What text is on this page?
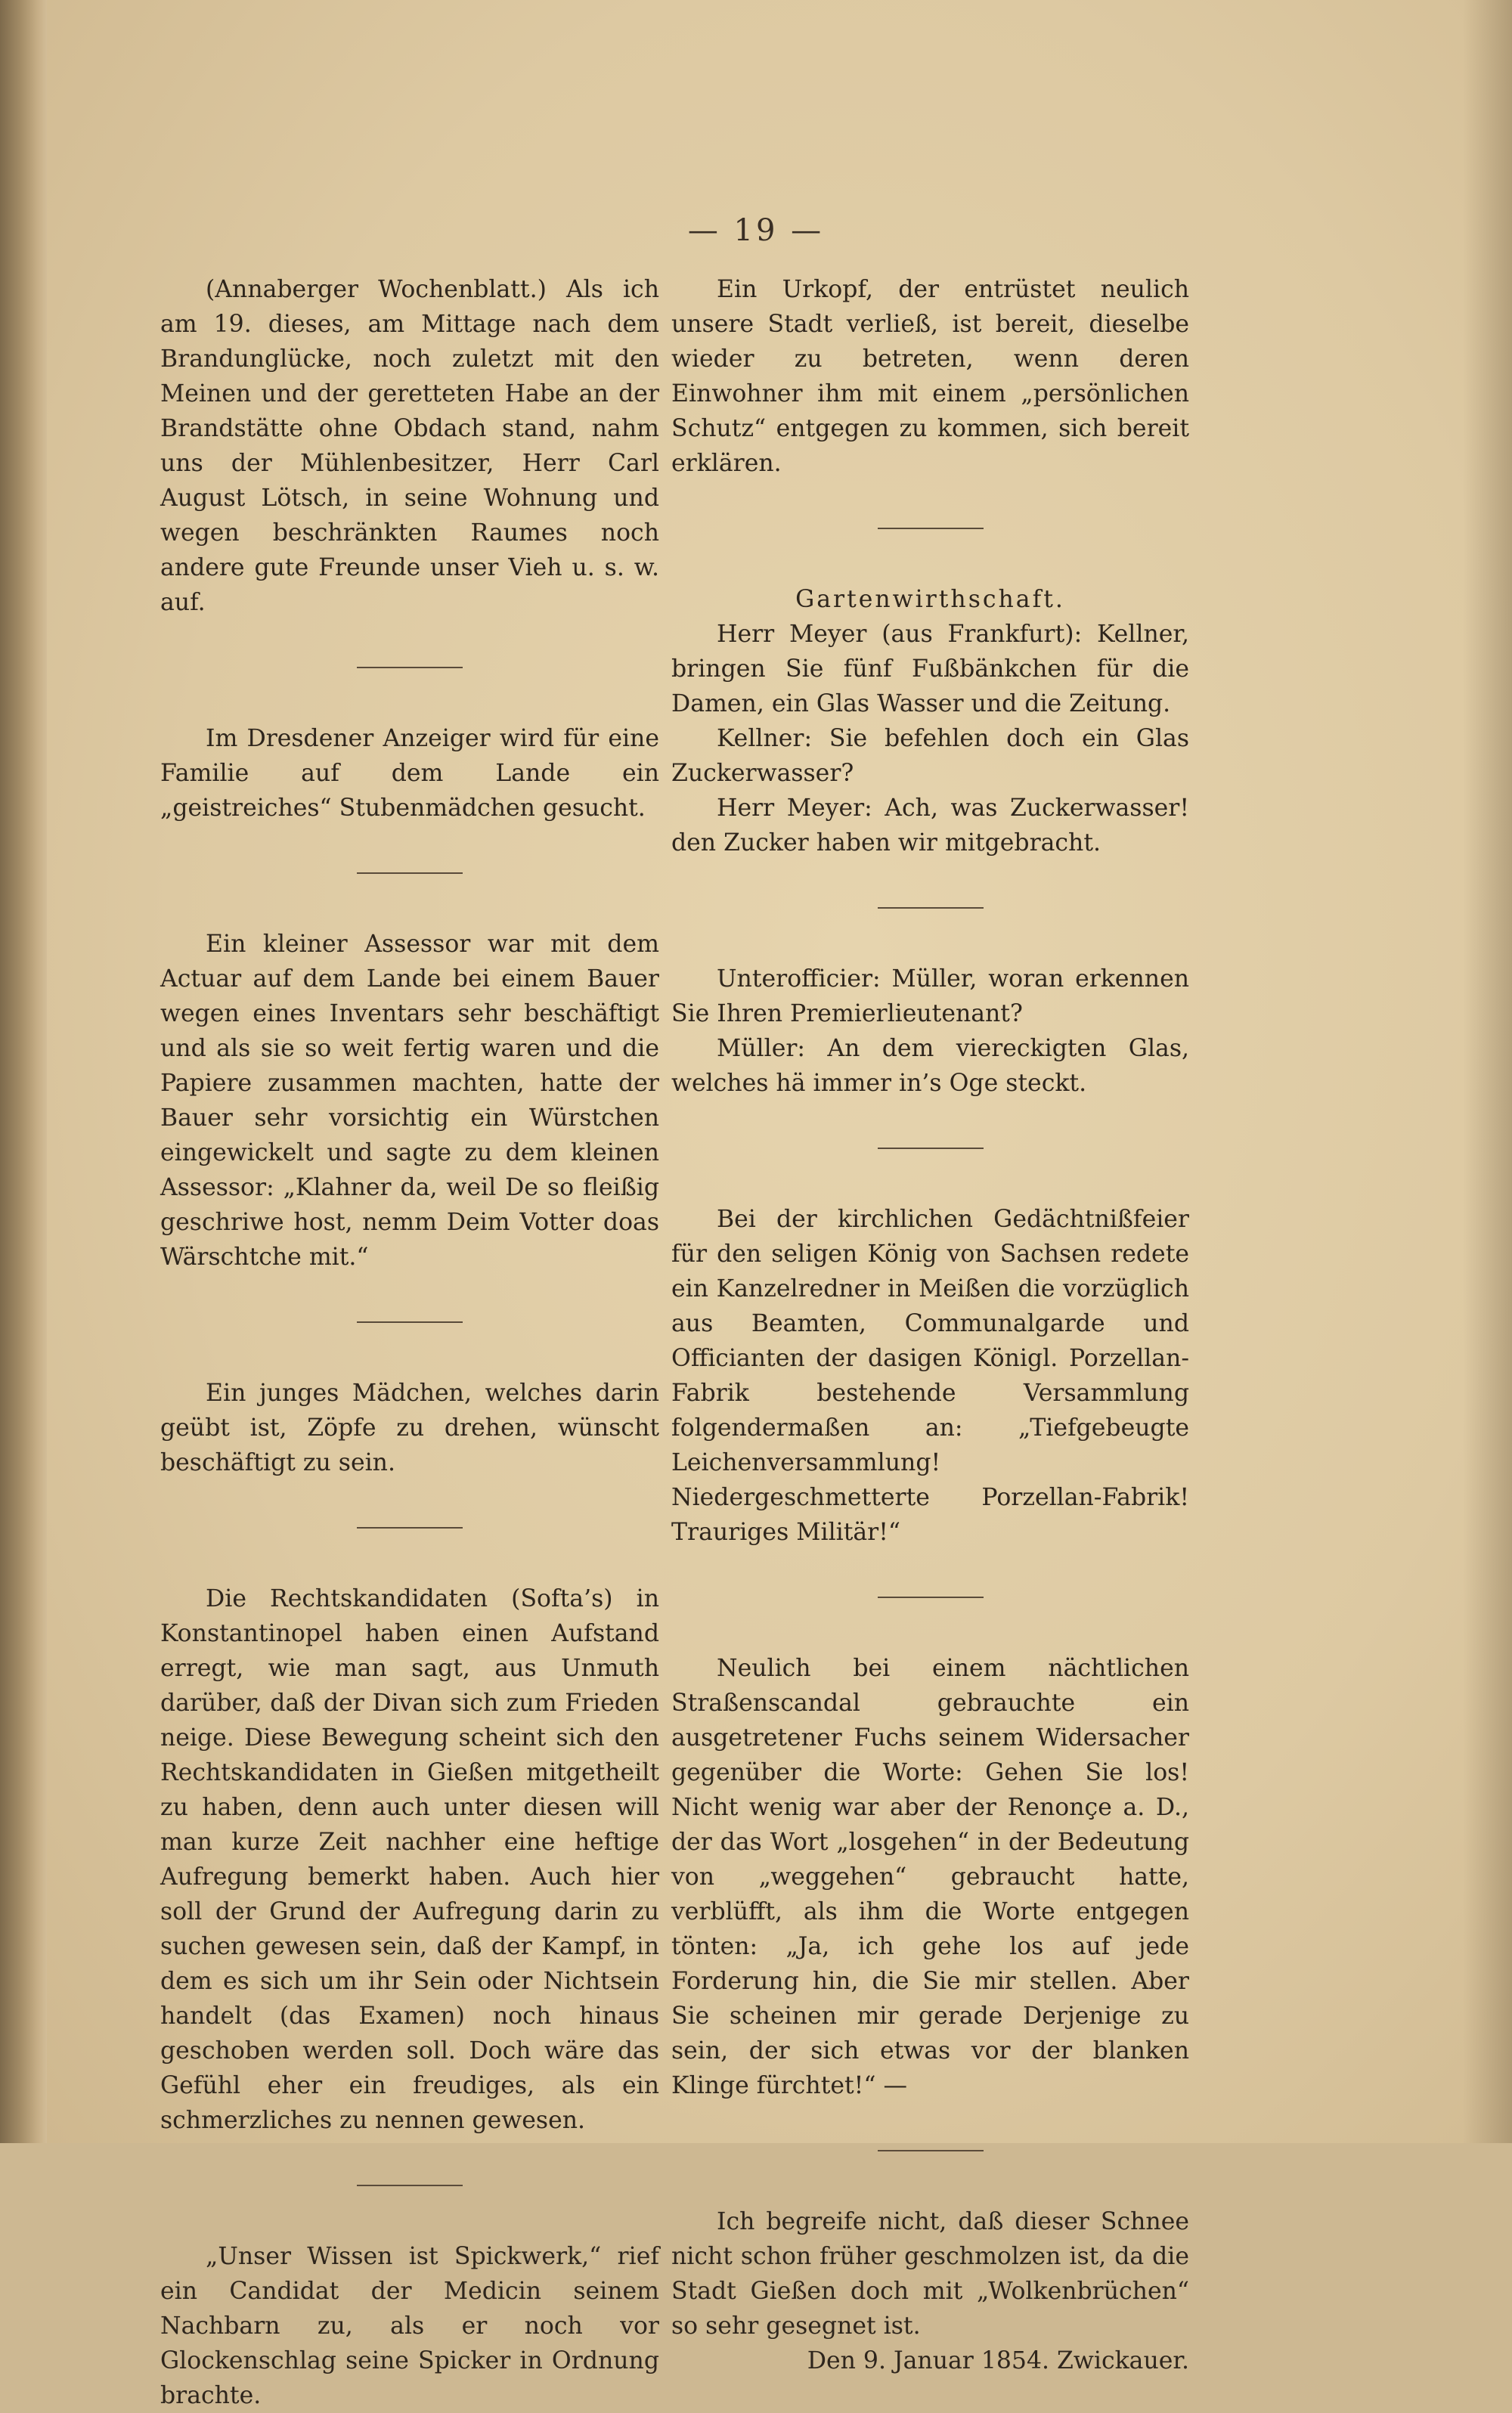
— 19 —

(Annaberger Wochenblatt.) Als ich am 19. dieses, am Mittage nach dem Brandunglücke, noch zuletzt mit den Meinen und der geretteten Habe an der Brandstätte ohne Obdach stand, nahm uns der Mühlenbesitzer, Herr Carl August Lötsch, in seine Wohnung und wegen beschränkten Raumes noch andere gute Freunde unser Vieh u. s. w. auf.

Im Dresdener Anzeiger wird für eine Familie auf dem Lande ein „geistreiches“ Stubenmädchen gesucht.

Ein kleiner Assessor war mit dem Actuar auf dem Lande bei einem Bauer wegen eines Inventars sehr beschäftigt und als sie so weit fertig waren und die Papiere zusammen machten, hatte der Bauer sehr vorsichtig ein Würstchen eingewickelt und sagte zu dem kleinen Assessor: „Klahner da, weil De so fleißig geschriwe host, nemm Deim Votter doas Wärschtche mit.“

Ein junges Mädchen, welches darin geübt ist, Zöpfe zu drehen, wünscht beschäftigt zu sein.

Die Rechtskandidaten (Softa’s) in Konstantinopel haben einen Aufstand erregt, wie man sagt, aus Unmuth darüber, daß der Divan sich zum Frieden neige. Diese Bewegung scheint sich den Rechtskandidaten in Gießen mitgetheilt zu haben, denn auch unter diesen will man kurze Zeit nachher eine heftige Aufregung bemerkt haben. Auch hier soll der Grund der Aufregung darin zu suchen gewesen sein, daß der Kampf, in dem es sich um ihr Sein oder Nichtsein handelt (das Examen) noch hinaus geschoben werden soll. Doch wäre das Gefühl eher ein freudiges, als ein schmerzliches zu nennen gewesen.

„Unser Wissen ist Spickwerk,“ rief ein Candidat der Medicin seinem Nachbarn zu, als er noch vor Glockenschlag seine Spicker in Ordnung brachte.

Ein Urkopf, der entrüstet neulich unsere Stadt verließ, ist bereit, dieselbe wieder zu betreten, wenn deren Einwohner ihm mit einem „persönlichen Schutz“ entgegen zu kommen, sich bereit erklären.

Gartenwirthschaft.

Herr Meyer (aus Frankfurt): Kellner, bringen Sie fünf Fußbänkchen für die Damen, ein Glas Wasser und die Zeitung.

Kellner: Sie befehlen doch ein Glas Zuckerwasser?

Herr Meyer: Ach, was Zuckerwasser! den Zucker haben wir mitgebracht.

Unterofficier: Müller, woran erkennen Sie Ihren Premierlieutenant?

Müller: An dem viereckigten Glas, welches hä immer in’s Oge steckt.

Bei der kirchlichen Gedächtnißfeier für den seligen König von Sachsen redete ein Kanzelredner in Meißen die vorzüglich aus Beamten, Communalgarde und Officianten der dasigen Königl. Porzellan-Fabrik bestehende Versammlung folgendermaßen an: „Tiefgebeugte Leichenversammlung! Niedergeschmetterte Porzellan-Fabrik! Trauriges Militär!“

Neulich bei einem nächtlichen Straßenscandal gebrauchte ein ausgetretener Fuchs seinem Widersacher gegenüber die Worte: Gehen Sie los! Nicht wenig war aber der Renonçe a. D., der das Wort „losgehen“ in der Bedeutung von „weggehen“ gebraucht hatte, verblüfft, als ihm die Worte entgegen tönten: „Ja, ich gehe los auf jede Forderung hin, die Sie mir stellen. Aber Sie scheinen mir gerade Derjenige zu sein, der sich etwas vor der blanken Klinge fürchtet!“ —

Ich begreife nicht, daß dieser Schnee nicht schon früher geschmolzen ist, da die Stadt Gießen doch mit „Wolkenbrüchen“ so sehr gesegnet ist.

Den 9. Januar 1854. Zwickauer.
